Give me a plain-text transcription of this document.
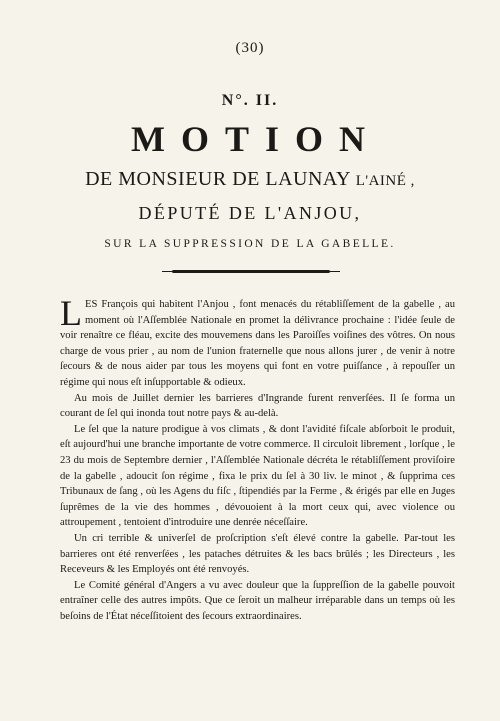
(30)
N°. II.
MOTION
DE MONSIEUR DE LAUNAY L'AINÉ ,
DÉPUTÉ DE L'ANJOU,
SUR LA SUPPRESSION DE LA GABELLE.

LES François qui habitent l'Anjou , font menacés du rétabliſſement de la gabelle , au moment où l'Aſſemblée Nationale en promet la délivrance prochaine : l'idée ſeule de voir renaître ce fléau, excite des mouvemens dans les Paroiſſes voiſines des vôtres. On nous charge de vous prier , au nom de l'union fraternelle que nous allons jurer , de venir à notre ſecours & de nous aider par tous les moyens qui font en votre puiſſance , à repouſſer un régime qui nous eſt inſupportable & odieux.

Au mois de Juillet dernier les barrieres d'Ingrande furent renverſées. Il ſe forma un courant de ſel qui inonda tout notre pays & au-delà.

Le ſel que la nature prodigue à vos climats , & dont l'avidité fiſcale abſorboit le produit, eſt aujourd'hui une branche importante de votre commerce. Il circuloit librement , lorſque , le 23 du mois de Septembre dernier , l'Aſſemblée Nationale décréta le rétabliſſement proviſoire de la gabelle , adoucit ſon régime , fixa le prix du ſel à 30 liv. le minot , & ſupprima ces Tribunaux de ſang , où les Agens du fiſc , ſtipendiés par la Ferme , & érigés par elle en Juges ſuprêmes de la vie des hommes , dévouoient à la mort ceux qui, avec violence ou attroupement , tentoient d'introduire une denrée néceſſaire.

Un cri terrible & univerſel de proſcription s'eſt élevé contre la gabelle. Par-tout les barrieres ont été renverſées , les pataches détruites & les bacs brûlés ; les Directeurs , les Receveurs & les Employés ont été renvoyés.

Le Comité général d'Angers a vu avec douleur que la ſuppreſſion de la gabelle pouvoit entraîner celle des autres impôts. Que ce ſeroit un malheur irréparable dans un temps où les beſoins de l'État néceſſitoient des ſecours extraordinaires.
